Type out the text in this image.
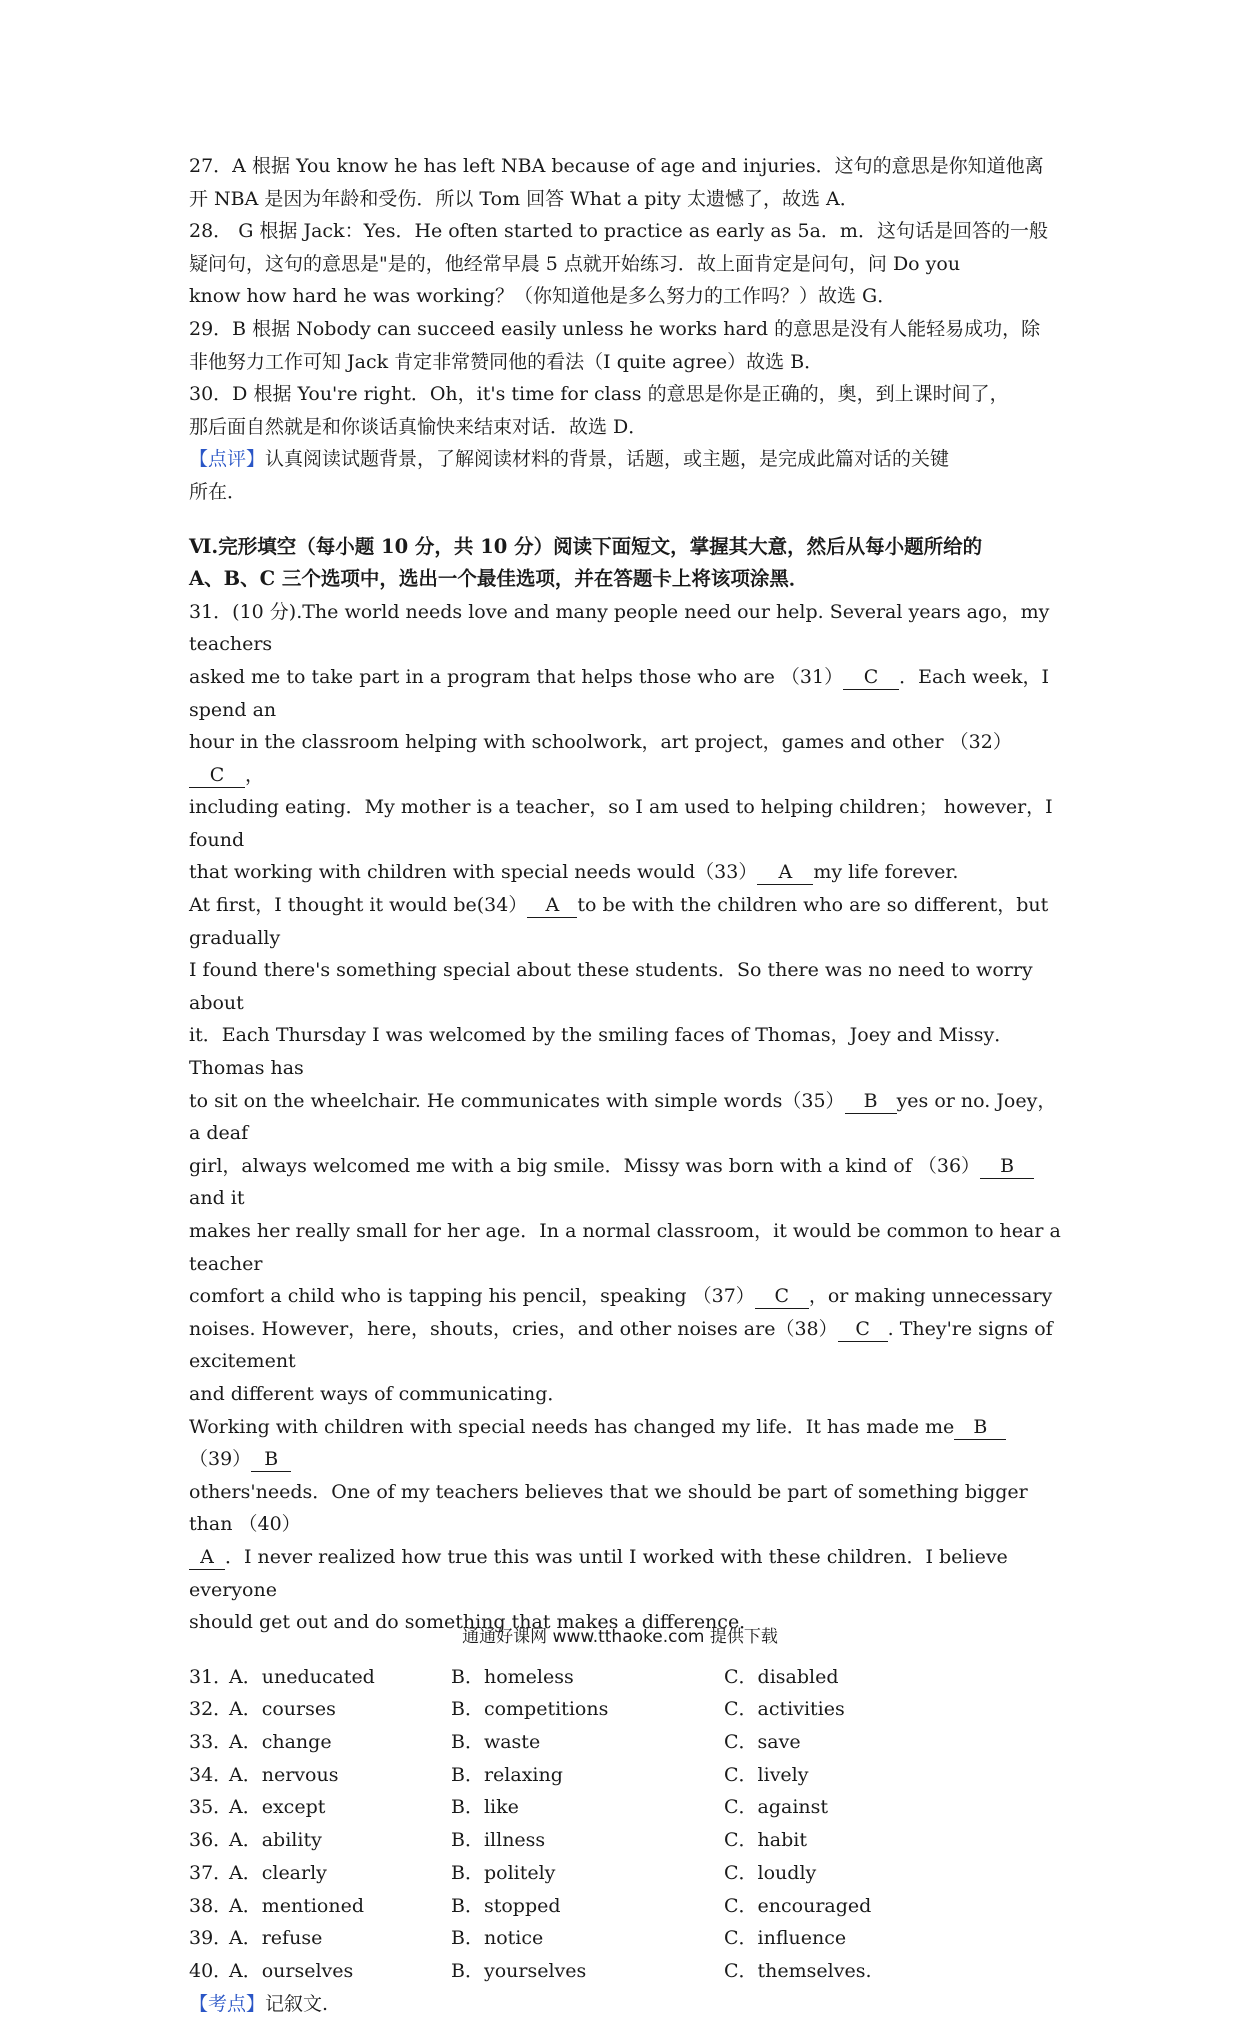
27．A 根据 You know he has left NBA because of age and injuries．这句的意思是你知道他离

开 NBA 是因为年龄和受伤．所以 Tom 回答 What a pity 太遗憾了，故选 A．

28． G 根据 Jack：Yes．He often started to practice as early as 5a．m．这句话是回答的一般

疑问句，这句的意思是"是的，他经常早晨 5 点就开始练习．故上面肯定是问句，问 Do you

know how hard he was working？（你知道他是多么努力的工作吗？）故选 G．

29．B 根据 Nobody can succeed easily unless he works hard 的意思是没有人能轻易成功，除

非他努力工作可知 Jack 肯定非常赞同他的看法（I quite agree）故选 B．

30．D 根据 You're right．Oh，it's time for class 的意思是你是正确的，奥，到上课时间了，

那后面自然就是和你谈话真愉快来结束对话．故选 D．

【点评】认真阅读试题背景，了解阅读材料的背景，话题，或主题，是完成此篇对话的关键

所在．

Ⅵ.完形填空（每小题 10 分，共 10 分）阅读下面短文，掌握其大意，然后从每小题所给的
A、B、C 三个选项中，选出一个最佳选项，并在答题卡上将该项涂黑．

31．(10 分).The world needs love and many people need our help. Several years ago，my teachers

asked me to take part in a program that helps those who are （31） C ．Each week，I spend an

hour in the classroom helping with schoolwork，art project，games and other （32）C ，

including eating．My mother is a teacher，so I am used to helping children； however，I found

that working with children with special needs would（33） A my life forever.

At first，I thought it would be(34） A to be with the children who are so different，but gradually

I found there's something special about these students．So there was no need to worry about

it．Each Thursday I was welcomed by the smiling faces of Thomas，Joey and Missy．Thomas has

to sit on the wheelchair. He communicates with simple words（35） B yes or no. Joey，a deaf

girl，always welcomed me with a big smile．Missy was born with a kind of （36） Band it

makes her really small for her age．In a normal classroom，it would be common to hear a teacher

comfort a child who is tapping his pencil，speaking （37） C ，or making unnecessary

noises. However，here，shouts，cries，and other noises are（38） C . They're signs of excitement

and different ways of communicating．

Working with children with special needs has changed my life．It has made me B（39） B

others'needs．One of my teachers believes that we should be part of something bigger than （40）

A ．I never realized how true this was until I worked with these children．I believe everyone

should get out and do something that makes a difference．

31．
A．uneducated	B．homeless	C．disabled
32．
A．courses	B．competitions	C．activities
33．
A．change	B．waste	C．save
34．
A．nervous	B．relaxing	C．lively
35．
A．except	B．like	C．against
36．
A．ability	B．illness	C．habit
37．
A．clearly	B．politely	C．loudly
38．
A．mentioned	B．stopped	C．encouraged
39．
A．refuse	B．notice	C．influence
40．
A．ourselves	B．yourselves	C．themselves.

【考点】记叙文.

通通好课网 www.tthaoke.com 提供下载
